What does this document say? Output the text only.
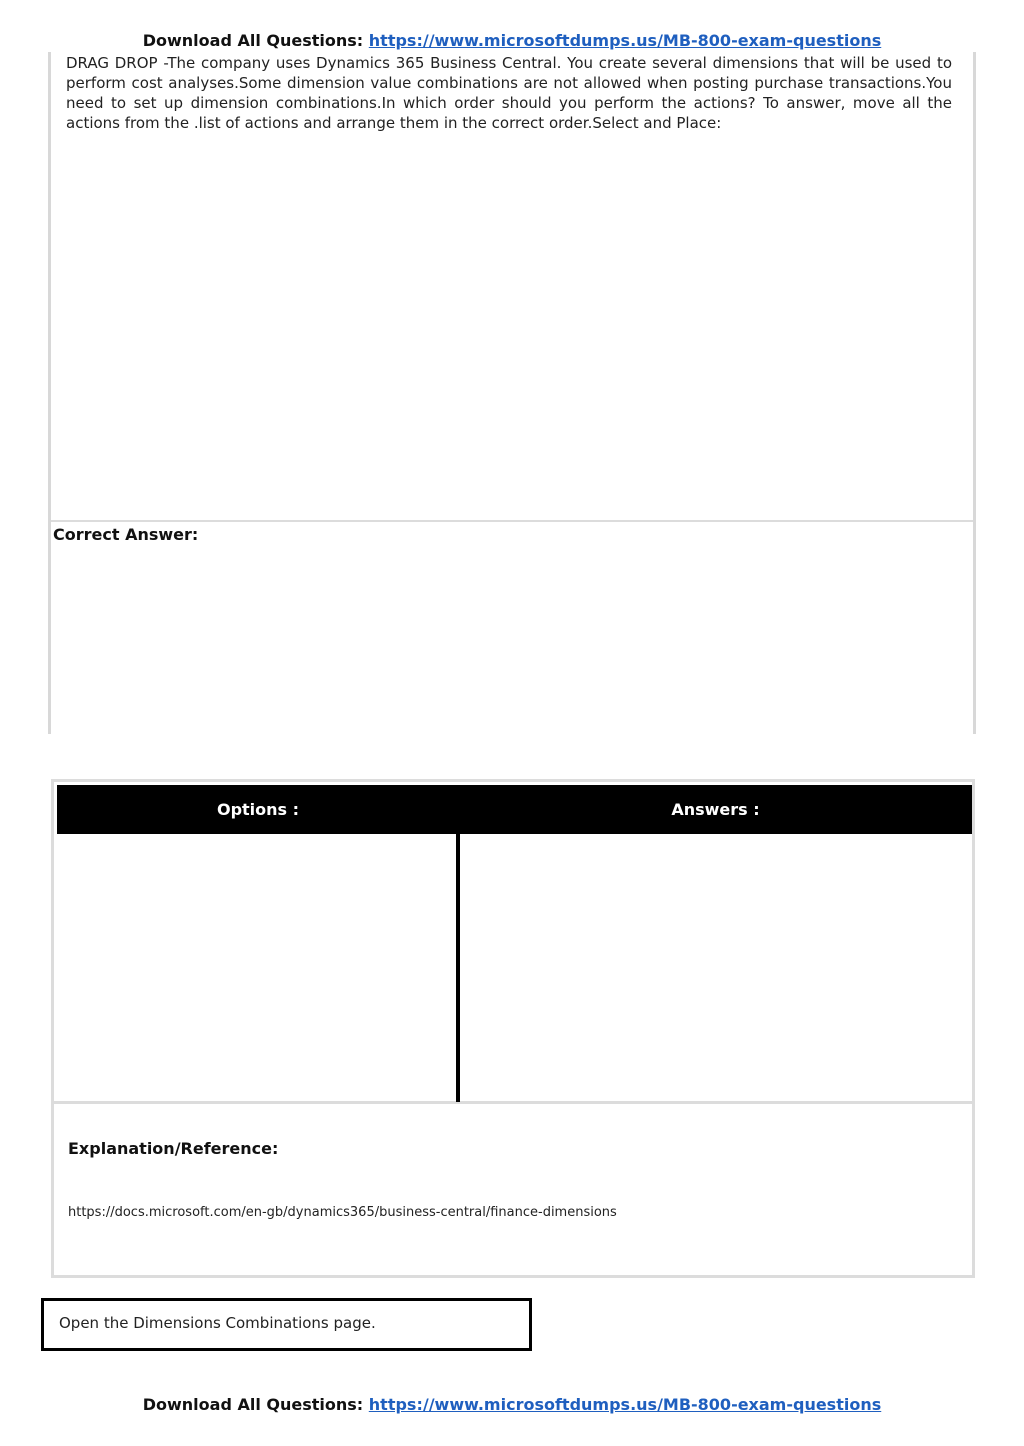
Download All Questions: https://www.microsoftdumps.us/MB-800-exam-questions
DRAG DROP -The company uses Dynamics 365 Business Central. You create several dimensions that will be used to perform cost analyses.Some dimension value combinations are not allowed when posting purchase transactions.You need to set up dimension combinations.In which order should you perform the actions? To answer, move all the actions from the .list of actions and arrange them in the correct order.Select and Place:
Correct Answer:
Options :	Answers :
Explanation/Reference:
https://docs.microsoft.com/en-gb/dynamics365/business-central/finance-dimensions
Open the Dimensions Combinations page.
Download All Questions: https://www.microsoftdumps.us/MB-800-exam-questions
